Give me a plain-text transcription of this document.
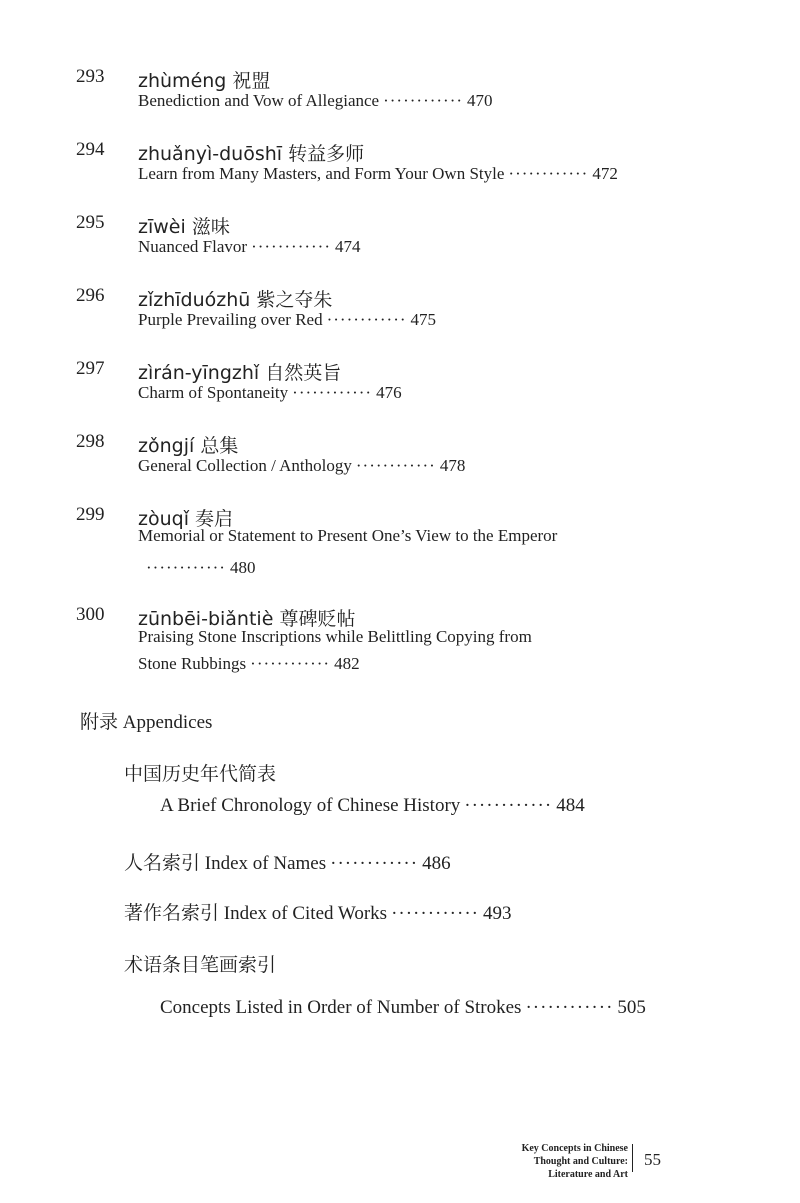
293 zhùméng 祝盟
Benediction and Vow of Allegiance ············ 470
294 zhuǎnyì-duōshī 转益多师
Learn from Many Masters, and Form Your Own Style ············ 472
295 zīwèi 滋味
Nuanced Flavor ············ 474
296 zǐzhīduózhū 紫之夺朱
Purple Prevailing over Red ············ 475
297 zìrán-yīngzhǐ 自然英旨
Charm of Spontaneity ············ 476
298 zǒngjí 总集
General Collection / Anthology ············ 478
299 zòuqǐ 奏启
Memorial or Statement to Present One’s View to the Emperor
············ 480
300 zūnbēi-biǎntiè 尊碑贬帖
Praising Stone Inscriptions while Belittling Copying from
Stone Rubbings ············ 482
附录 Appendices
中国历史年代简表
A Brief Chronology of Chinese History ············ 484
人名索引 Index of Names ············ 486
著作名索引 Index of Cited Works ············ 493
术语条目笔画索引
Concepts Listed in Order of Number of Strokes ············ 505
Key Concepts in Chinese
Thought and Culture:
Literature and Art
55
